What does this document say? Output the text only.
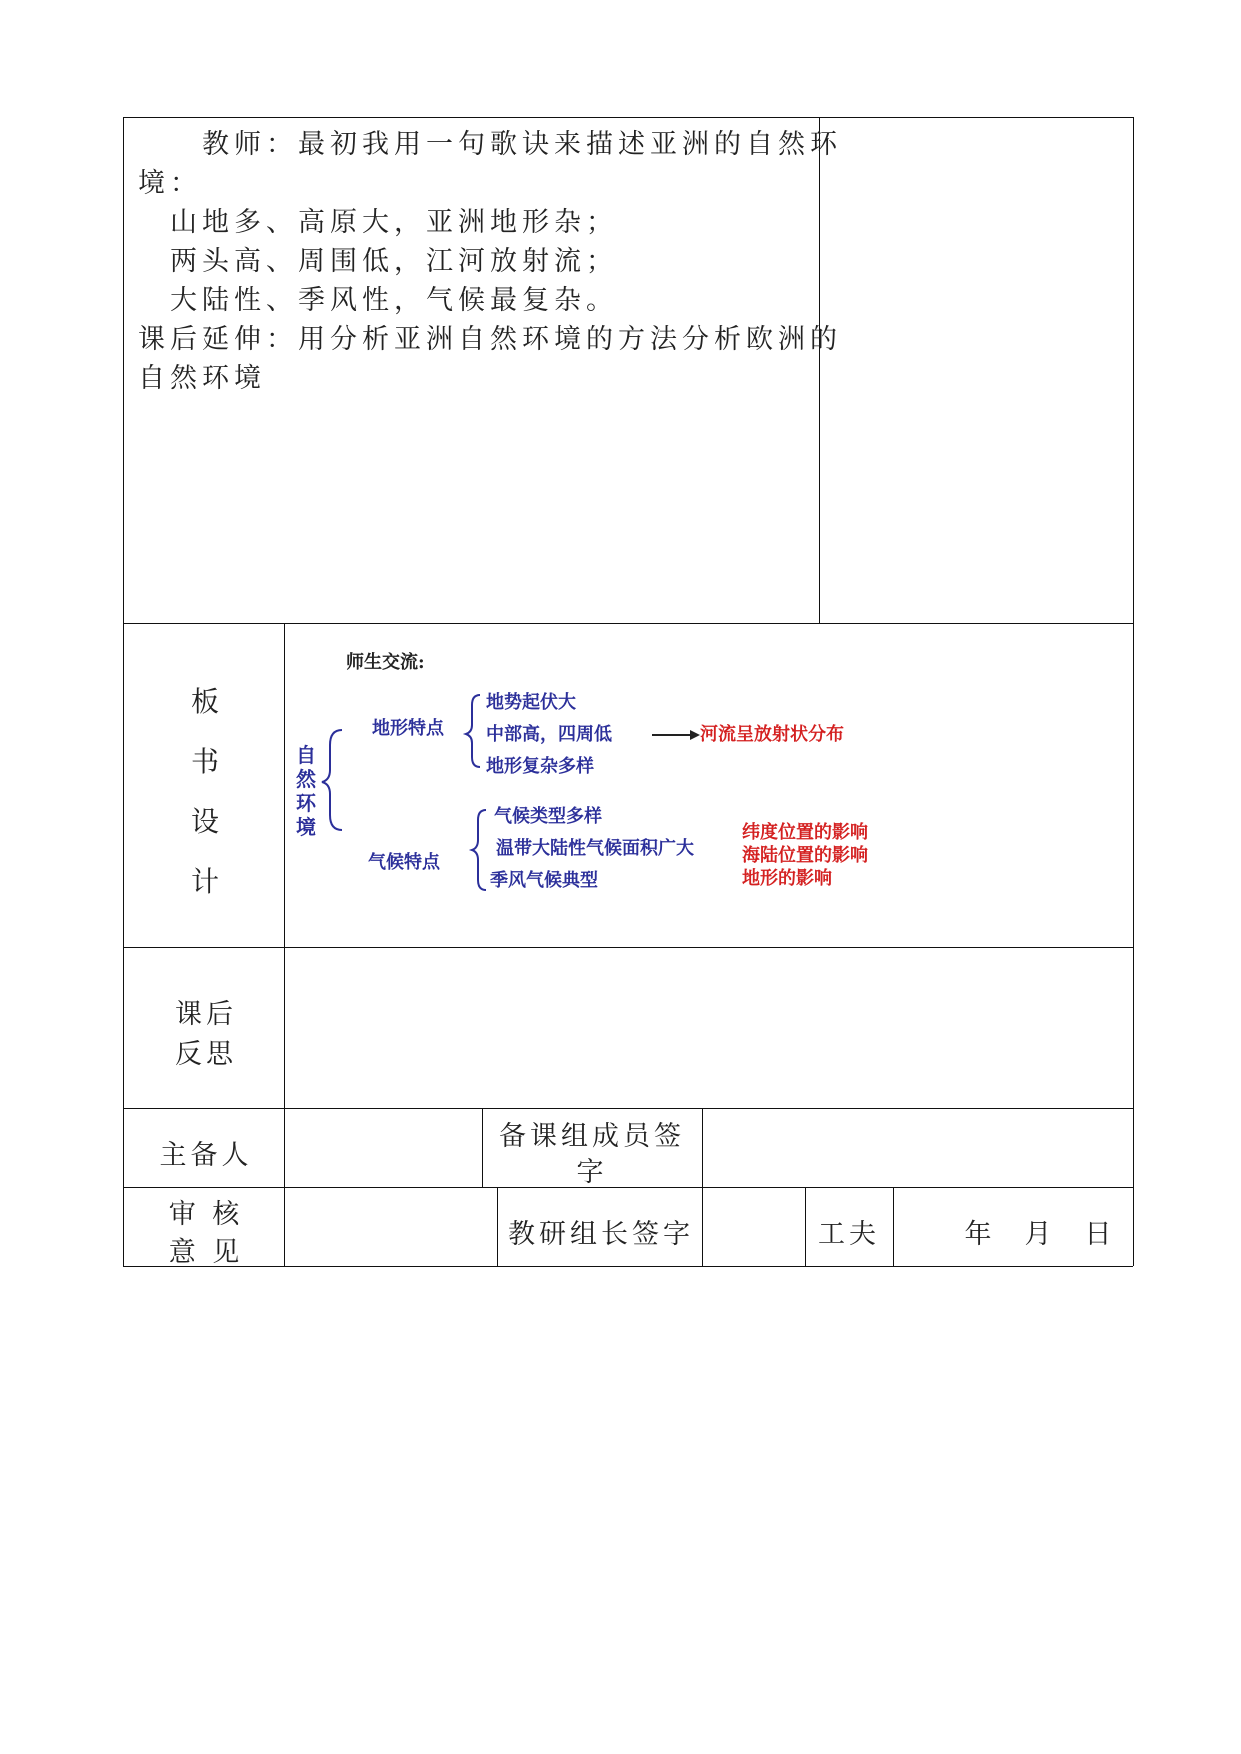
　　教师：最初我用一句歌诀来描述亚洲的自然环
境：
　山地多、高原大，亚洲地形杂；
　两头高、周围低，江河放射流；
　大陆性、季风性，气候最复杂。
课后延伸：用分析亚洲自然环境的方法分析欧洲的
自然环境
板
书
设
计
师生交流:
自
然
环
境
地形特点
地势起伏大
中部高，四周低
地形复杂多样
河流呈放射状分布
气候特点
气候类型多样
温带大陆性气候面积广大
季风气候典型
纬度位置的影响
海陆位置的影响
地形的影响
课后
反思
主备人
备课组成员签
字
审 核
意 见
教研组长签字	工夫	年 月 日
